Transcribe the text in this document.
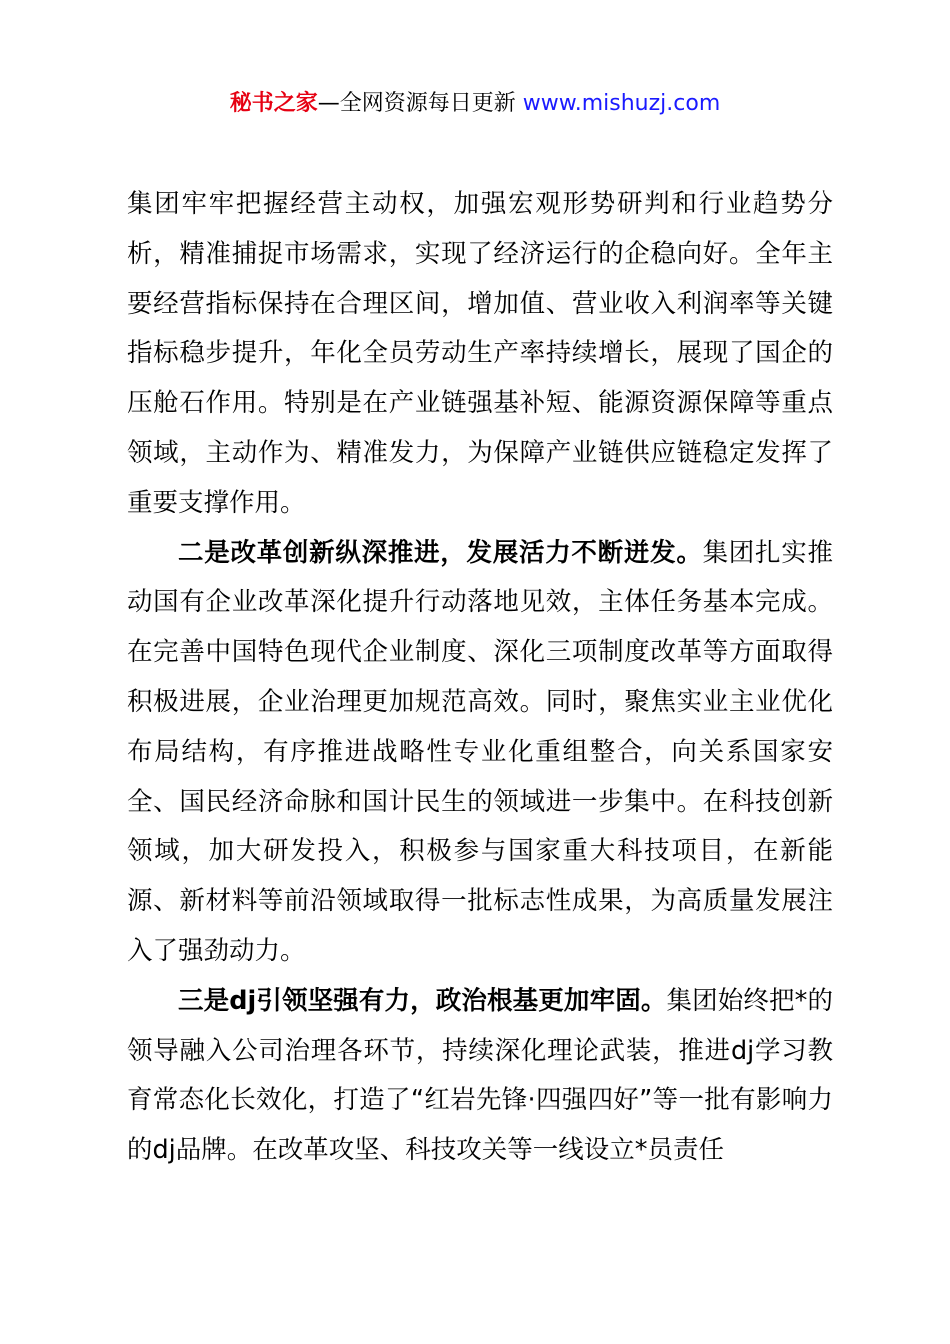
秘书之家—全网资源每日更新 www.mishuzj.com

集团牢牢把握经营主动权，加强宏观形势研判和行业趋势分析，精准捕捉市场需求，实现了经济运行的企稳向好。全年主要经营指标保持在合理区间，增加值、营业收入利润率等关键指标稳步提升，年化全员劳动生产率持续增长，展现了国企的压舱石作用。特别是在产业链强基补短、能源资源保障等重点领域，主动作为、精准发力，为保障产业链供应链稳定发挥了重要支撑作用。

二是改革创新纵深推进，发展活力不断迸发。集团扎实推动国有企业改革深化提升行动落地见效，主体任务基本完成。在完善中国特色现代企业制度、深化三项制度改革等方面取得积极进展，企业治理更加规范高效。同时，聚焦实业主业优化布局结构，有序推进战略性专业化重组整合，向关系国家安全、国民经济命脉和国计民生的领域进一步集中。在科技创新领域，加大研发投入，积极参与国家重大科技项目，在新能源、新材料等前沿领域取得一批标志性成果，为高质量发展注入了强劲动力。

三是dj引领坚强有力，政治根基更加牢固。集团始终把*的领导融入公司治理各环节，持续深化理论武装，推进dj学习教育常态化长效化，打造了“红岩先锋·四强四好”等一批有影响力的dj品牌。在改革攻坚、科技攻关等一线设立*员责任
